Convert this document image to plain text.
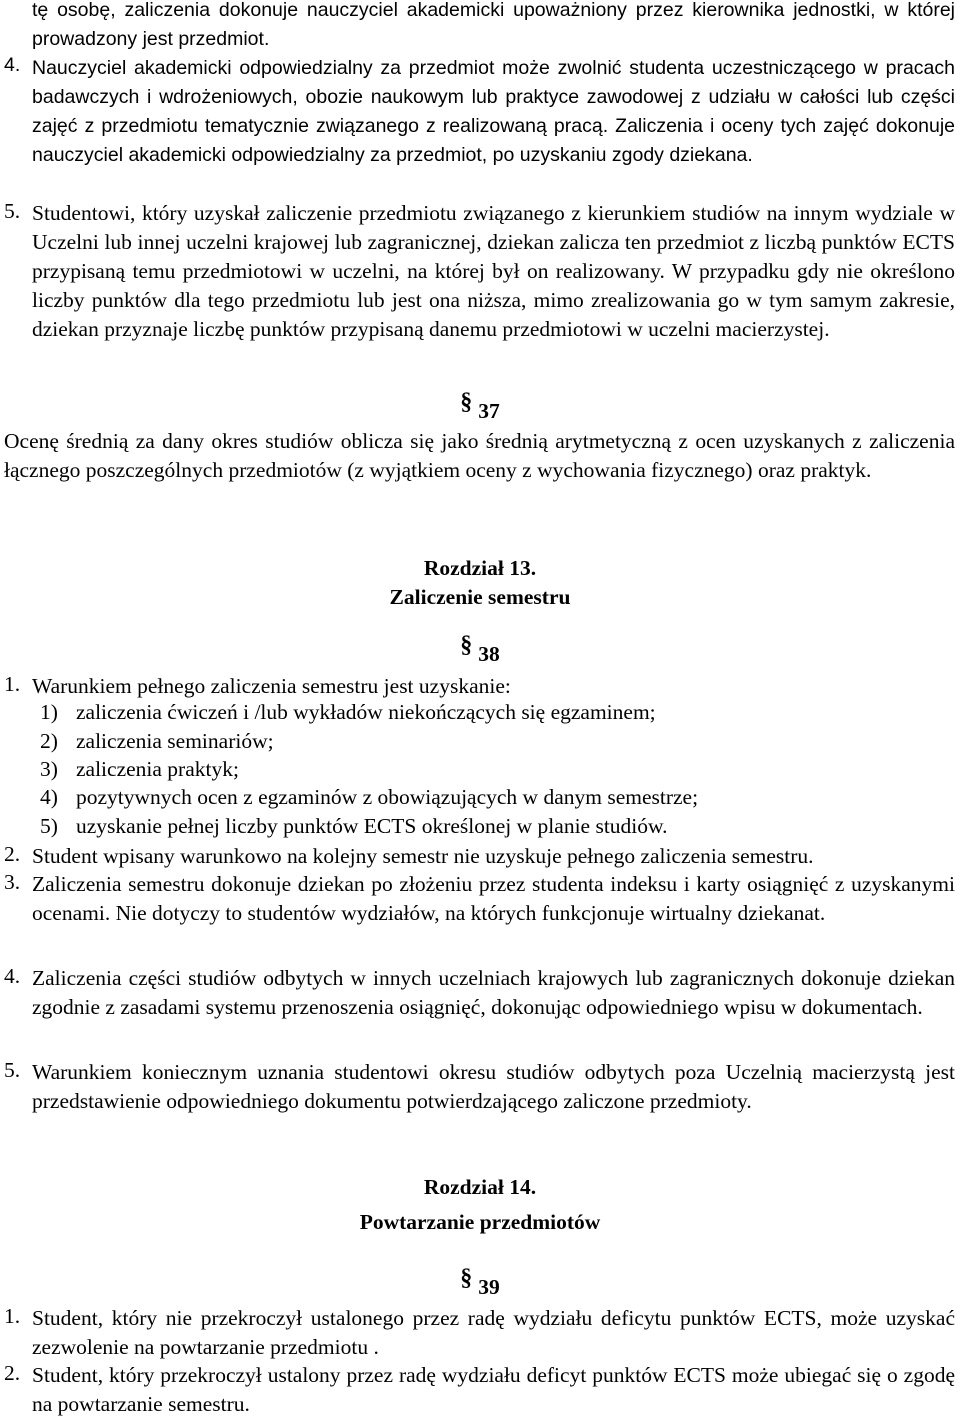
tę osobę, zaliczenia dokonuje nauczyciel akademicki upoważniony przez kierownika jednostki, w której prowadzony jest przedmiot.
4. Nauczyciel akademicki odpowiedzialny za przedmiot może zwolnić studenta uczestniczącego w pracach badawczych i wdrożeniowych, obozie naukowym lub praktyce zawodowej z udziału w całości lub części zajęć z przedmiotu tematycznie związanego z realizowaną pracą. Zaliczenia i oceny tych zajęć dokonuje nauczyciel akademicki odpowiedzialny za przedmiot, po uzyskaniu zgody dziekana.
5. Studentowi, który uzyskał zaliczenie przedmiotu związanego z kierunkiem studiów na innym wydziale w Uczelni lub innej uczelni krajowej lub zagranicznej, dziekan zalicza ten przedmiot z liczbą punktów ECTS przypisaną temu przedmiotowi w uczelni, na której był on realizowany. W przypadku gdy nie określono liczby punktów dla tego przedmiotu lub jest ona niższa, mimo zrealizowania go w tym samym zakresie, dziekan przyznaje liczbę punktów przypisaną danemu przedmiotowi w uczelni macierzystej.
§ 37
Ocenę średnią za dany okres studiów oblicza się jako średnią arytmetyczną z ocen uzyskanych z zaliczenia łącznego poszczególnych przedmiotów (z wyjątkiem oceny z wychowania fizycznego) oraz praktyk.
Rozdział 13.
Zaliczenie semestru
§ 38
1. Warunkiem pełnego zaliczenia semestru jest uzyskanie:
1) zaliczenia ćwiczeń i /lub wykładów niekończących się egzaminem;
2) zaliczenia seminariów;
3) zaliczenia praktyk;
4) pozytywnych ocen z egzaminów z obowiązujących w danym semestrze;
5) uzyskanie pełnej liczby punktów ECTS określonej w planie studiów.
2. Student wpisany warunkowo na kolejny semestr nie uzyskuje pełnego zaliczenia semestru.
3. Zaliczenia semestru dokonuje dziekan po złożeniu przez studenta indeksu i karty osiągnięć z uzyskanymi ocenami. Nie dotyczy to studentów wydziałów, na których funkcjonuje wirtualny dziekanat.
4. Zaliczenia części studiów odbytych w innych uczelniach krajowych lub zagranicznych dokonuje dziekan zgodnie z zasadami systemu przenoszenia osiągnięć, dokonując odpowiedniego wpisu w dokumentach.
5. Warunkiem koniecznym uznania studentowi okresu studiów odbytych poza Uczelnią macierzystą jest przedstawienie odpowiedniego dokumentu potwierdzającego zaliczone przedmioty.
Rozdział 14.
Powtarzanie przedmiotów
§ 39
1. Student, który nie przekroczył ustalonego przez radę wydziału deficytu punktów ECTS, może uzyskać zezwolenie na powtarzanie przedmiotu .
2. Student, który przekroczył ustalony przez radę wydziału deficyt punktów ECTS może ubiegać się o zgodę na powtarzanie semestru.
